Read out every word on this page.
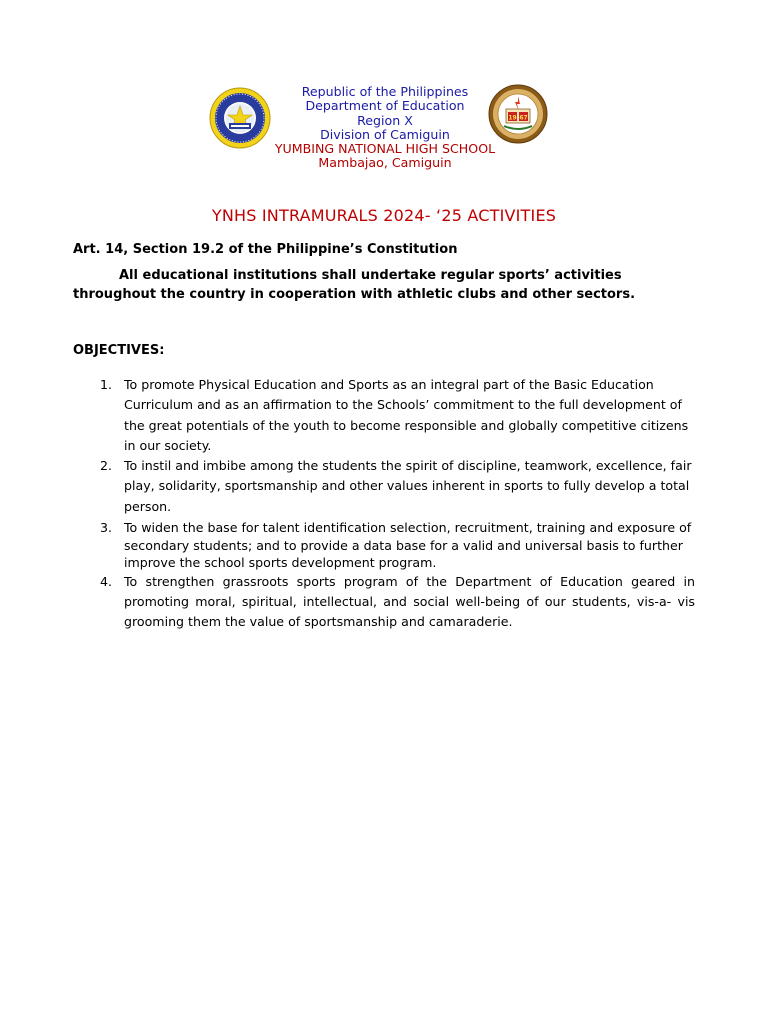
Republic of the Philippines
Department of Education
Region X
Division of Camiguin
YUMBING NATIONAL HIGH SCHOOL
Mambajao, Camiguin
19 67
YNHS INTRAMURALS 2024- ‘25 ACTIVITIES
Art. 14, Section 19.2 of the Philippine’s Constitution
All educational institutions shall undertake regular sports’ activities throughout the country in cooperation with athletic clubs and other sectors.
OBJECTIVES:
1. To promote Physical Education and Sports as an integral part of the Basic Education Curriculum and as an affirmation to the Schools’ commitment to the full development of the great potentials of the youth to become responsible and globally competitive citizens in our society.
2. To instil and imbibe among the students the spirit of discipline, teamwork, excellence, fair play, solidarity, sportsmanship and other values inherent in sports to fully develop a total person.
3. To widen the base for talent identification selection, recruitment, training and exposure of secondary students; and to provide a data base for a valid and universal basis to further improve the school sports development program.
4. To strengthen grassroots sports program of the Department of Education geared in promoting moral, spiritual, intellectual, and social well-being of our students, vis-a- vis grooming them the value of sportsmanship and camaraderie.
